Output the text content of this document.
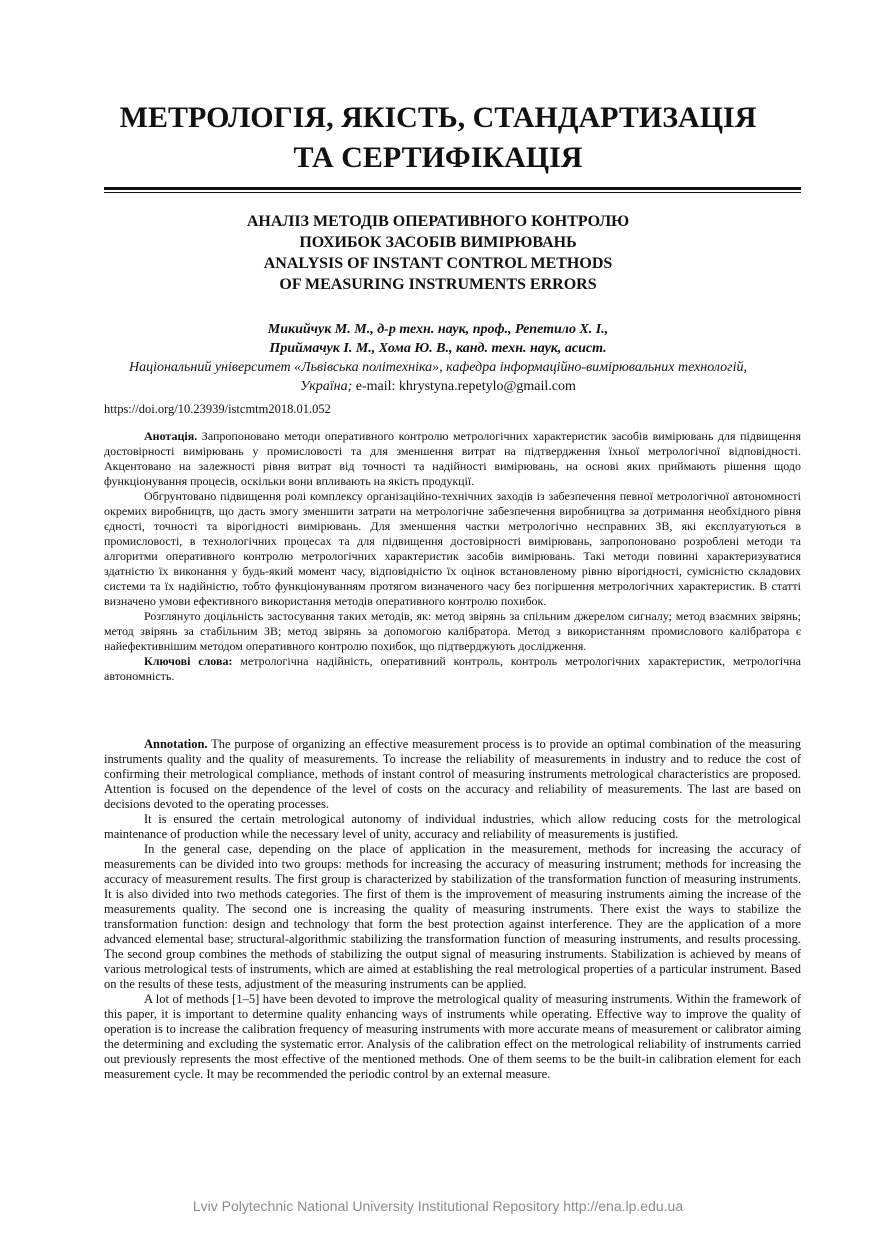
МЕТРОЛОГІЯ, ЯКІСТЬ, СТАНДАРТИЗАЦІЯ
ТА СЕРТИФІКАЦІЯ
АНАЛІЗ МЕТОДІВ ОПЕРАТИВНОГО КОНТРОЛЮ
ПОХИБОК ЗАСОБІВ ВИМІРЮВАНЬ
ANALYSIS OF INSTANT CONTROL METHODS
OF MEASURING INSTRUMENTS ERRORS
Микийчук М. М., д-р техн. наук, проф., Репетило Х. І.,
Приймачук І. М., Хома Ю. В., канд. техн. наук, асист.
Національний університет «Львівська політехніка», кафедра інформаційно-вимірювальних технологій,
Україна; e-mail: khrystyna.repetylo@gmail.com
https://doi.org/10.23939/istcmtm2018.01.052

Анотація. Запропоновано методи оперативного контролю метрологічних характеристик засобів вимірювань для підвищення достовірності вимірювань у промисловості та для зменшення витрат на підтвердження їхньої метрологічної відповідності. Акцентовано на залежності рівня витрат від точності та надійності вимірювань, на основі яких приймають рішення щодо функціонування процесів, оскільки вони впливають на якість продукції.

Обгрунтовано підвищення ролі комплексу організаційно-технічних заходів із забезпечення певної метрологічної автономності окремих виробництв, що дасть змогу зменшити затрати на метрологічне забезпечення виробництва за дотримання необхідного рівня єдності, точності та вірогідності вимірювань. Для зменшення частки метрологічно несправних ЗВ, які експлуатуються в промисловості, в технологічних процесах та для підвищення достовірності вимірювань, запропоновано розроблені методи та алгоритми оперативного контролю метрологічних характеристик засобів вимірювань. Такі методи повинні характеризуватися здатністю їх виконання у будь-який момент часу, відповідністю їх оцінок встановленому рівню вірогідності, сумісністю складових системи та їх надійністю, тобто функціонуванням протягом визначеного часу без погіршення метрологічних характеристик. В статті визначено умови ефективного використання методів оперативного контролю похибок.

Розглянуто доцільність застосування таких методів, як: метод звірянь за спільним джерелом сигналу; метод взаємних звірянь; метод звірянь за стабільним ЗВ; метод звірянь за допомогою калібратора. Метод з використанням промислового калібратора є найефективнішим методом оперативного контролю похибок, що підтверджують дослідження.

Ключові слова: метрологічна надійність, оперативний контроль, контроль метрологічних характеристик, метрологічна автономність.

Annotation. The purpose of organizing an effective measurement process is to provide an optimal combination of the measuring instruments quality and the quality of measurements. To increase the reliability of measurements in industry and to reduce the cost of confirming their metrological compliance, methods of instant control of measuring instruments metrological characteristics are proposed. Attention is focused on the dependence of the level of costs on the accuracy and reliability of measurements. The last are based on decisions devoted to the operating processes.

It is ensured the certain metrological autonomy of individual industries, which allow reducing costs for the metrological maintenance of production while the necessary level of unity, accuracy and reliability of measurements is justified.

In the general case, depending on the place of application in the measurement, methods for increasing the accuracy of measurements can be divided into two groups: methods for increasing the accuracy of measuring instrument; methods for increasing the accuracy of measurement results. The first group is characterized by stabilization of the transformation function of measuring instruments. It is also divided into two methods categories. The first of them is the improvement of measuring instruments aiming the increase of the measurements quality. The second one is increasing the quality of measuring instruments. There exist the ways to stabilize the transformation function: design and technology that form the best protection against interference. They are the application of a more advanced elemental base; structural-algorithmic stabilizing the transformation function of measuring instruments, and results processing. The second group combines the methods of stabilizing the output signal of measuring instruments. Stabilization is achieved by means of various metrological tests of instruments, which are aimed at establishing the real metrological properties of a particular instrument. Based on the results of these tests, adjustment of the measuring instruments can be applied.

A lot of methods [1–5] have been devoted to improve the metrological quality of measuring instruments. Within the framework of this paper, it is important to determine quality enhancing ways of instruments while operating. Effective way to improve the quality of operation is to increase the calibration frequency of measuring instruments with more accurate means of measurement or calibrator aiming the determining and excluding the systematic error. Analysis of the calibration effect on the metrological reliability of instruments carried out previously represents the most effective of the mentioned methods. One of them seems to be the built-in calibration element for each measurement cycle. It may be recommended the periodic control by an external measure.

Lviv Polytechnic National University Institutional Repository http://ena.lp.edu.ua
